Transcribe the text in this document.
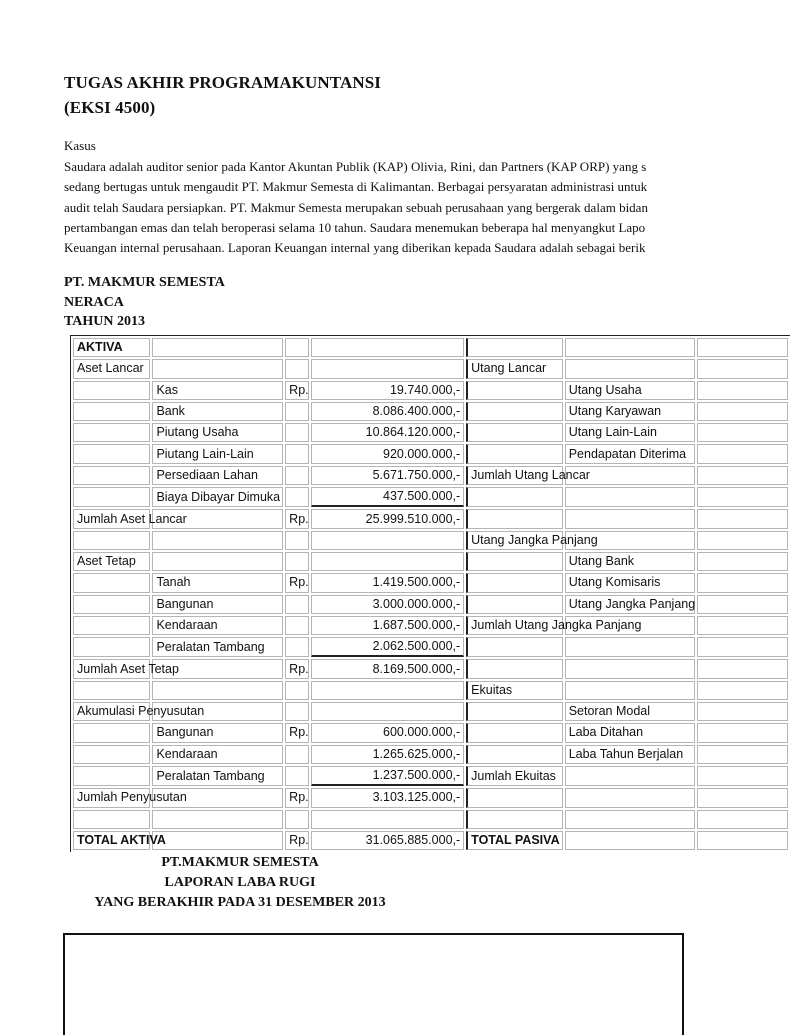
TUGAS AKHIR PROGRAMAKUNTANSI
(EKSI 4500)
Kasus
Saudara adalah auditor senior pada Kantor Akuntan Publik (KAP) Olivia, Rini, dan Partners (KAP ORP) yang s
sedang bertugas untuk mengaudit PT. Makmur Semesta di Kalimantan. Berbagai persyaratan administrasi untuk
audit telah Saudara persiapkan. PT. Makmur Semesta merupakan sebuah perusahaan yang bergerak dalam bidan
pertambangan emas dan telah beroperasi selama 10 tahun. Saudara menemukan beberapa hal menyangkut Lapo
Keuangan internal perusahaan. Laporan Keuangan internal yang diberikan kepada Saudara adalah sebagai berik
PT. MAKMUR SEMESTA
NERACA
TAHUN 2013
AKTIVA						
Aset Lancar				Utang Lancar		
	Kas	Rp.	19.740.000,-		Utang Usaha	
	Bank		8.086.400.000,-		Utang Karyawan	
	Piutang Usaha		10.864.120.000,-		Utang Lain-Lain	
	Piutang Lain-Lain		920.000.000,-		Pendapatan Diterima	
	Persediaan Lahan		5.671.750.000,-	Jumlah Utang Lancar		
	Biaya Dibayar Dimuka		437.500.000,-			
Jumlah Aset Lancar		Rp.	25.999.510.000,-			
				Utang Jangka Panjang		
Aset Tetap					Utang Bank	
	Tanah	Rp.	1.419.500.000,-		Utang Komisaris	
	Bangunan		3.000.000.000,-		Utang Jangka Panjang	
	Kendaraan		1.687.500.000,-	Jumlah Utang Jangka Panjang		
	Peralatan Tambang		2.062.500.000,-			
Jumlah Aset Tetap		Rp.	8.169.500.000,-			
				Ekuitas		
Akumulasi Penyusutan					Setoran Modal	
	Bangunan	Rp.	600.000.000,-		Laba Ditahan	
	Kendaraan		1.265.625.000,-		Laba Tahun Berjalan	
	Peralatan Tambang		1.237.500.000,-	Jumlah Ekuitas		
Jumlah Penyusutan		Rp.	3.103.125.000,-			

TOTAL AKTIVA		Rp.	31.065.885.000,-	TOTAL PASIVA		
PT.MAKMUR SEMESTA
LAPORAN LABA RUGI
YANG BERAKHIR PADA 31 DESEMBER 2013
